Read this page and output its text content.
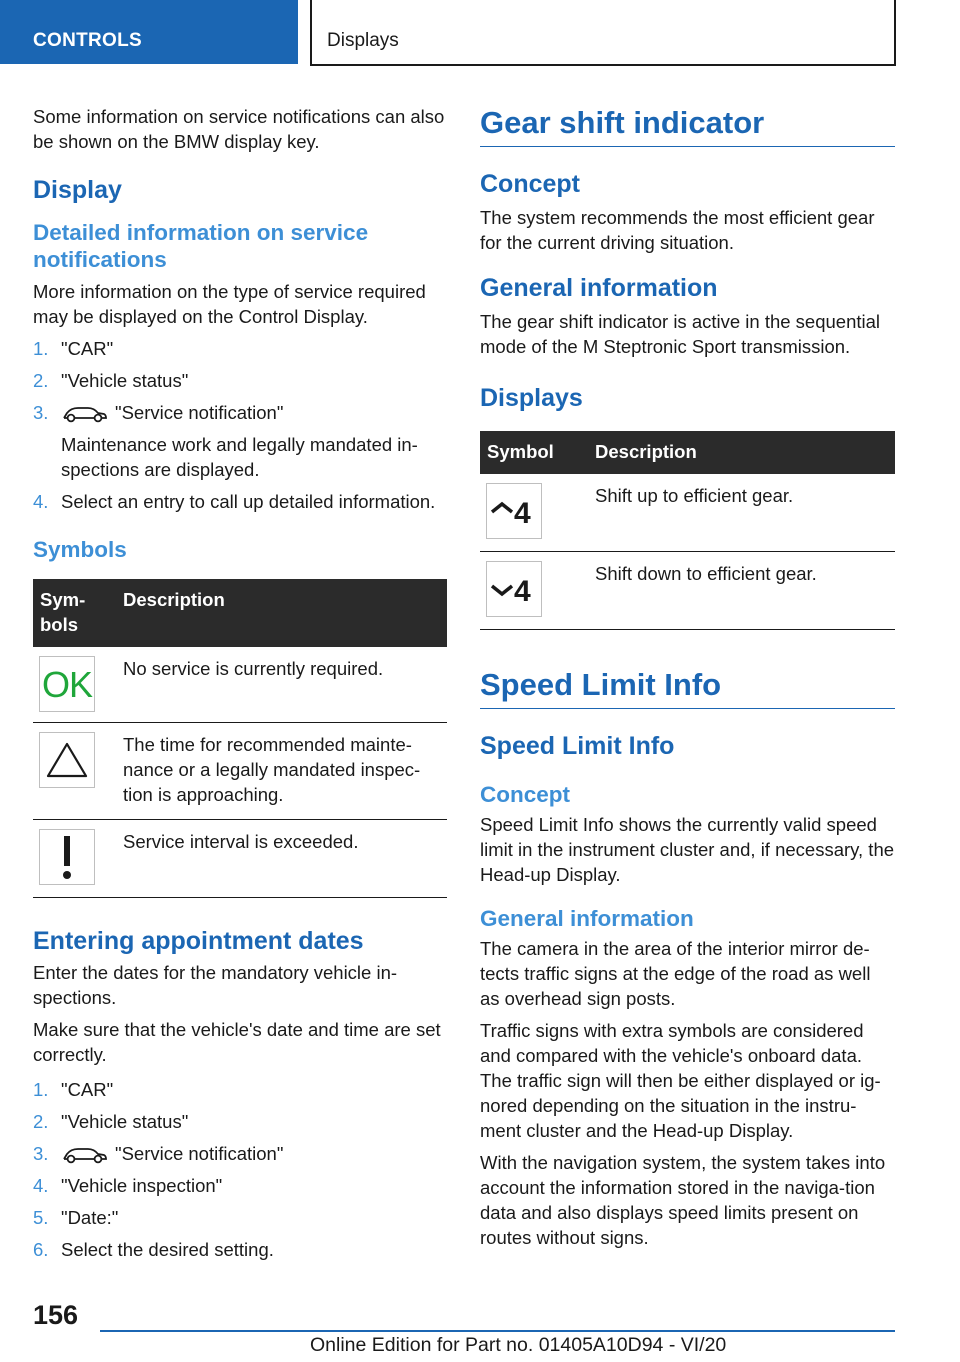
CONTROLS	Displays

Some information on service notifications can also be shown on the BMW display key.

Display
Detailed information on service notifications

More information on the type of service required may be displayed on the Control Display.

1. "CAR"
2. "Vehicle status"
3.	"Service notification"
Maintenance work and legally mandated in-spections are displayed.
4. Select an entry to call up detailed information.
Symbols
Sym-bols	Description

OK	No service is currently required.

	The time for recommended mainte-nance or a legally mandated inspec-tion is approaching.

	Service interval is exceeded.
Entering appointment dates

Enter the dates for the mandatory vehicle in-spections.

Make sure that the vehicle's date and time are set correctly.

1. "CAR"
2. "Vehicle status"
3.	"Service notification"
4. "Vehicle inspection"
5. "Date:"
6. Select the desired setting.
Gear shift indicator
Concept

The system recommends the most efficient gear for the current driving situation.

General information

The gear shift indicator is active in the sequential mode of the M Steptronic Sport transmission.

Displays
Symbol	Description

4	Shift up to efficient gear.

4	Shift down to efficient gear.
Speed Limit Info
Speed Limit Info
Concept

Speed Limit Info shows the currently valid speed limit in the instrument cluster and, if necessary, the Head-up Display.

General information

The camera in the area of the interior mirror de-tects traffic signs at the edge of the road as well as overhead sign posts.

Traffic signs with extra symbols are considered and compared with the vehicle's onboard data. The traffic sign will then be either displayed or ig-nored depending on the situation in the instru-ment cluster and the Head-up Display.

With the navigation system, the system takes into account the information stored in the naviga-tion data and also displays speed limits present on routes without signs.

156
Online Edition for Part no. 01405A10D94 - VI/20
